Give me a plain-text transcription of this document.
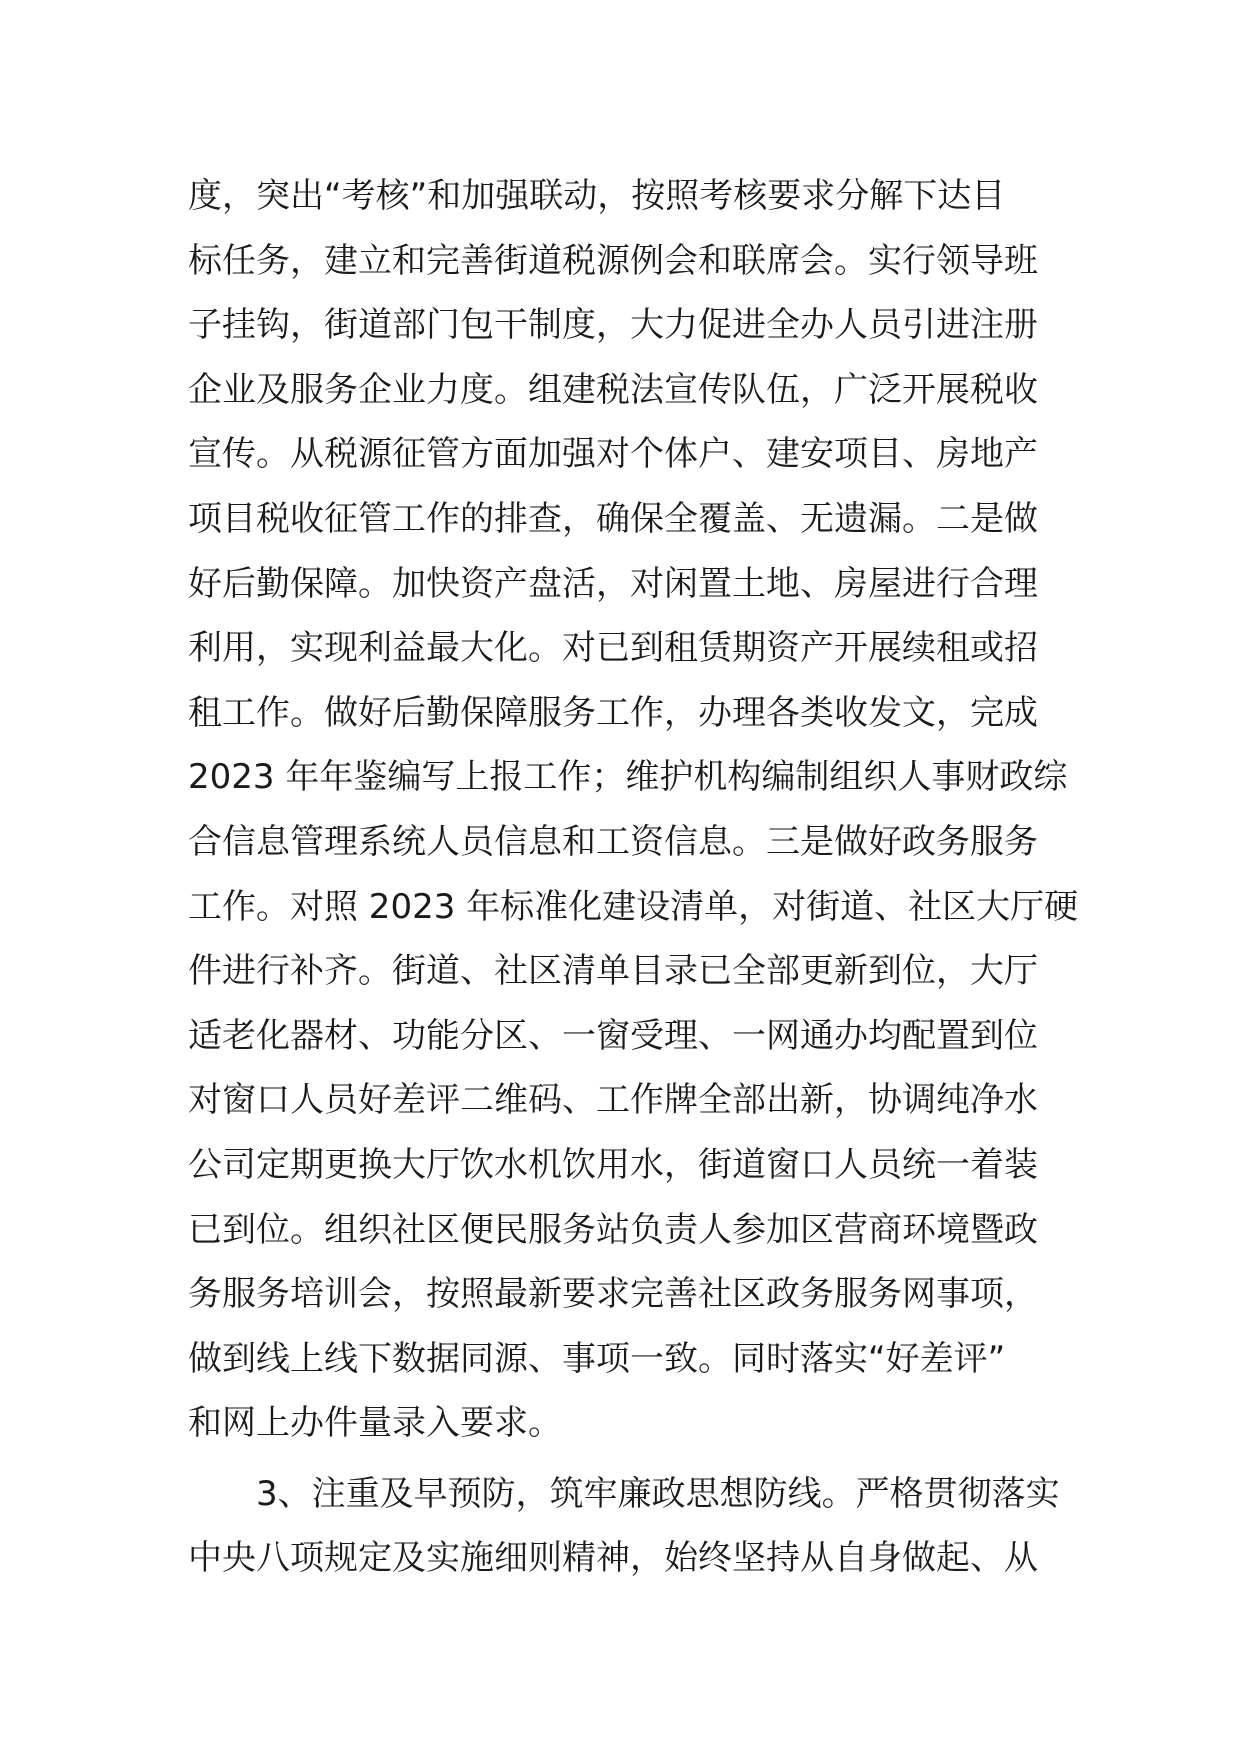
度，突出“考核”和加强联动，按照考核要求分解下达目
标任务，建立和完善街道税源例会和联席会。实行领导班
子挂钩，街道部门包干制度，大力促进全办人员引进注册
企业及服务企业力度。组建税法宣传队伍，广泛开展税收
宣传。从税源征管方面加强对个体户、建安项目、房地产
项目税收征管工作的排查，确保全覆盖、无遗漏。二是做
好后勤保障。加快资产盘活，对闲置土地、房屋进行合理
利用，实现利益最大化。对已到租赁期资产开展续租或招
租工作。做好后勤保障服务工作，办理各类收发文，完成
2023 年年鉴编写上报工作；维护机构编制组织人事财政综
合信息管理系统人员信息和工资信息。三是做好政务服务
工作。对照 2023 年标准化建设清单，对街道、社区大厅硬
件进行补齐。街道、社区清单目录已全部更新到位，大厅
适老化器材、功能分区、一窗受理、一网通办均配置到位
对窗口人员好差评二维码、工作牌全部出新，协调纯净水
公司定期更换大厅饮水机饮用水，街道窗口人员统一着装
已到位。组织社区便民服务站负责人参加区营商环境暨政
务服务培训会，按照最新要求完善社区政务服务网事项，
做到线上线下数据同源、事项一致。同时落实“好差评”
和网上办件量录入要求。
3、注重及早预防，筑牢廉政思想防线。严格贯彻落实
中央八项规定及实施细则精神，始终坚持从自身做起、从
